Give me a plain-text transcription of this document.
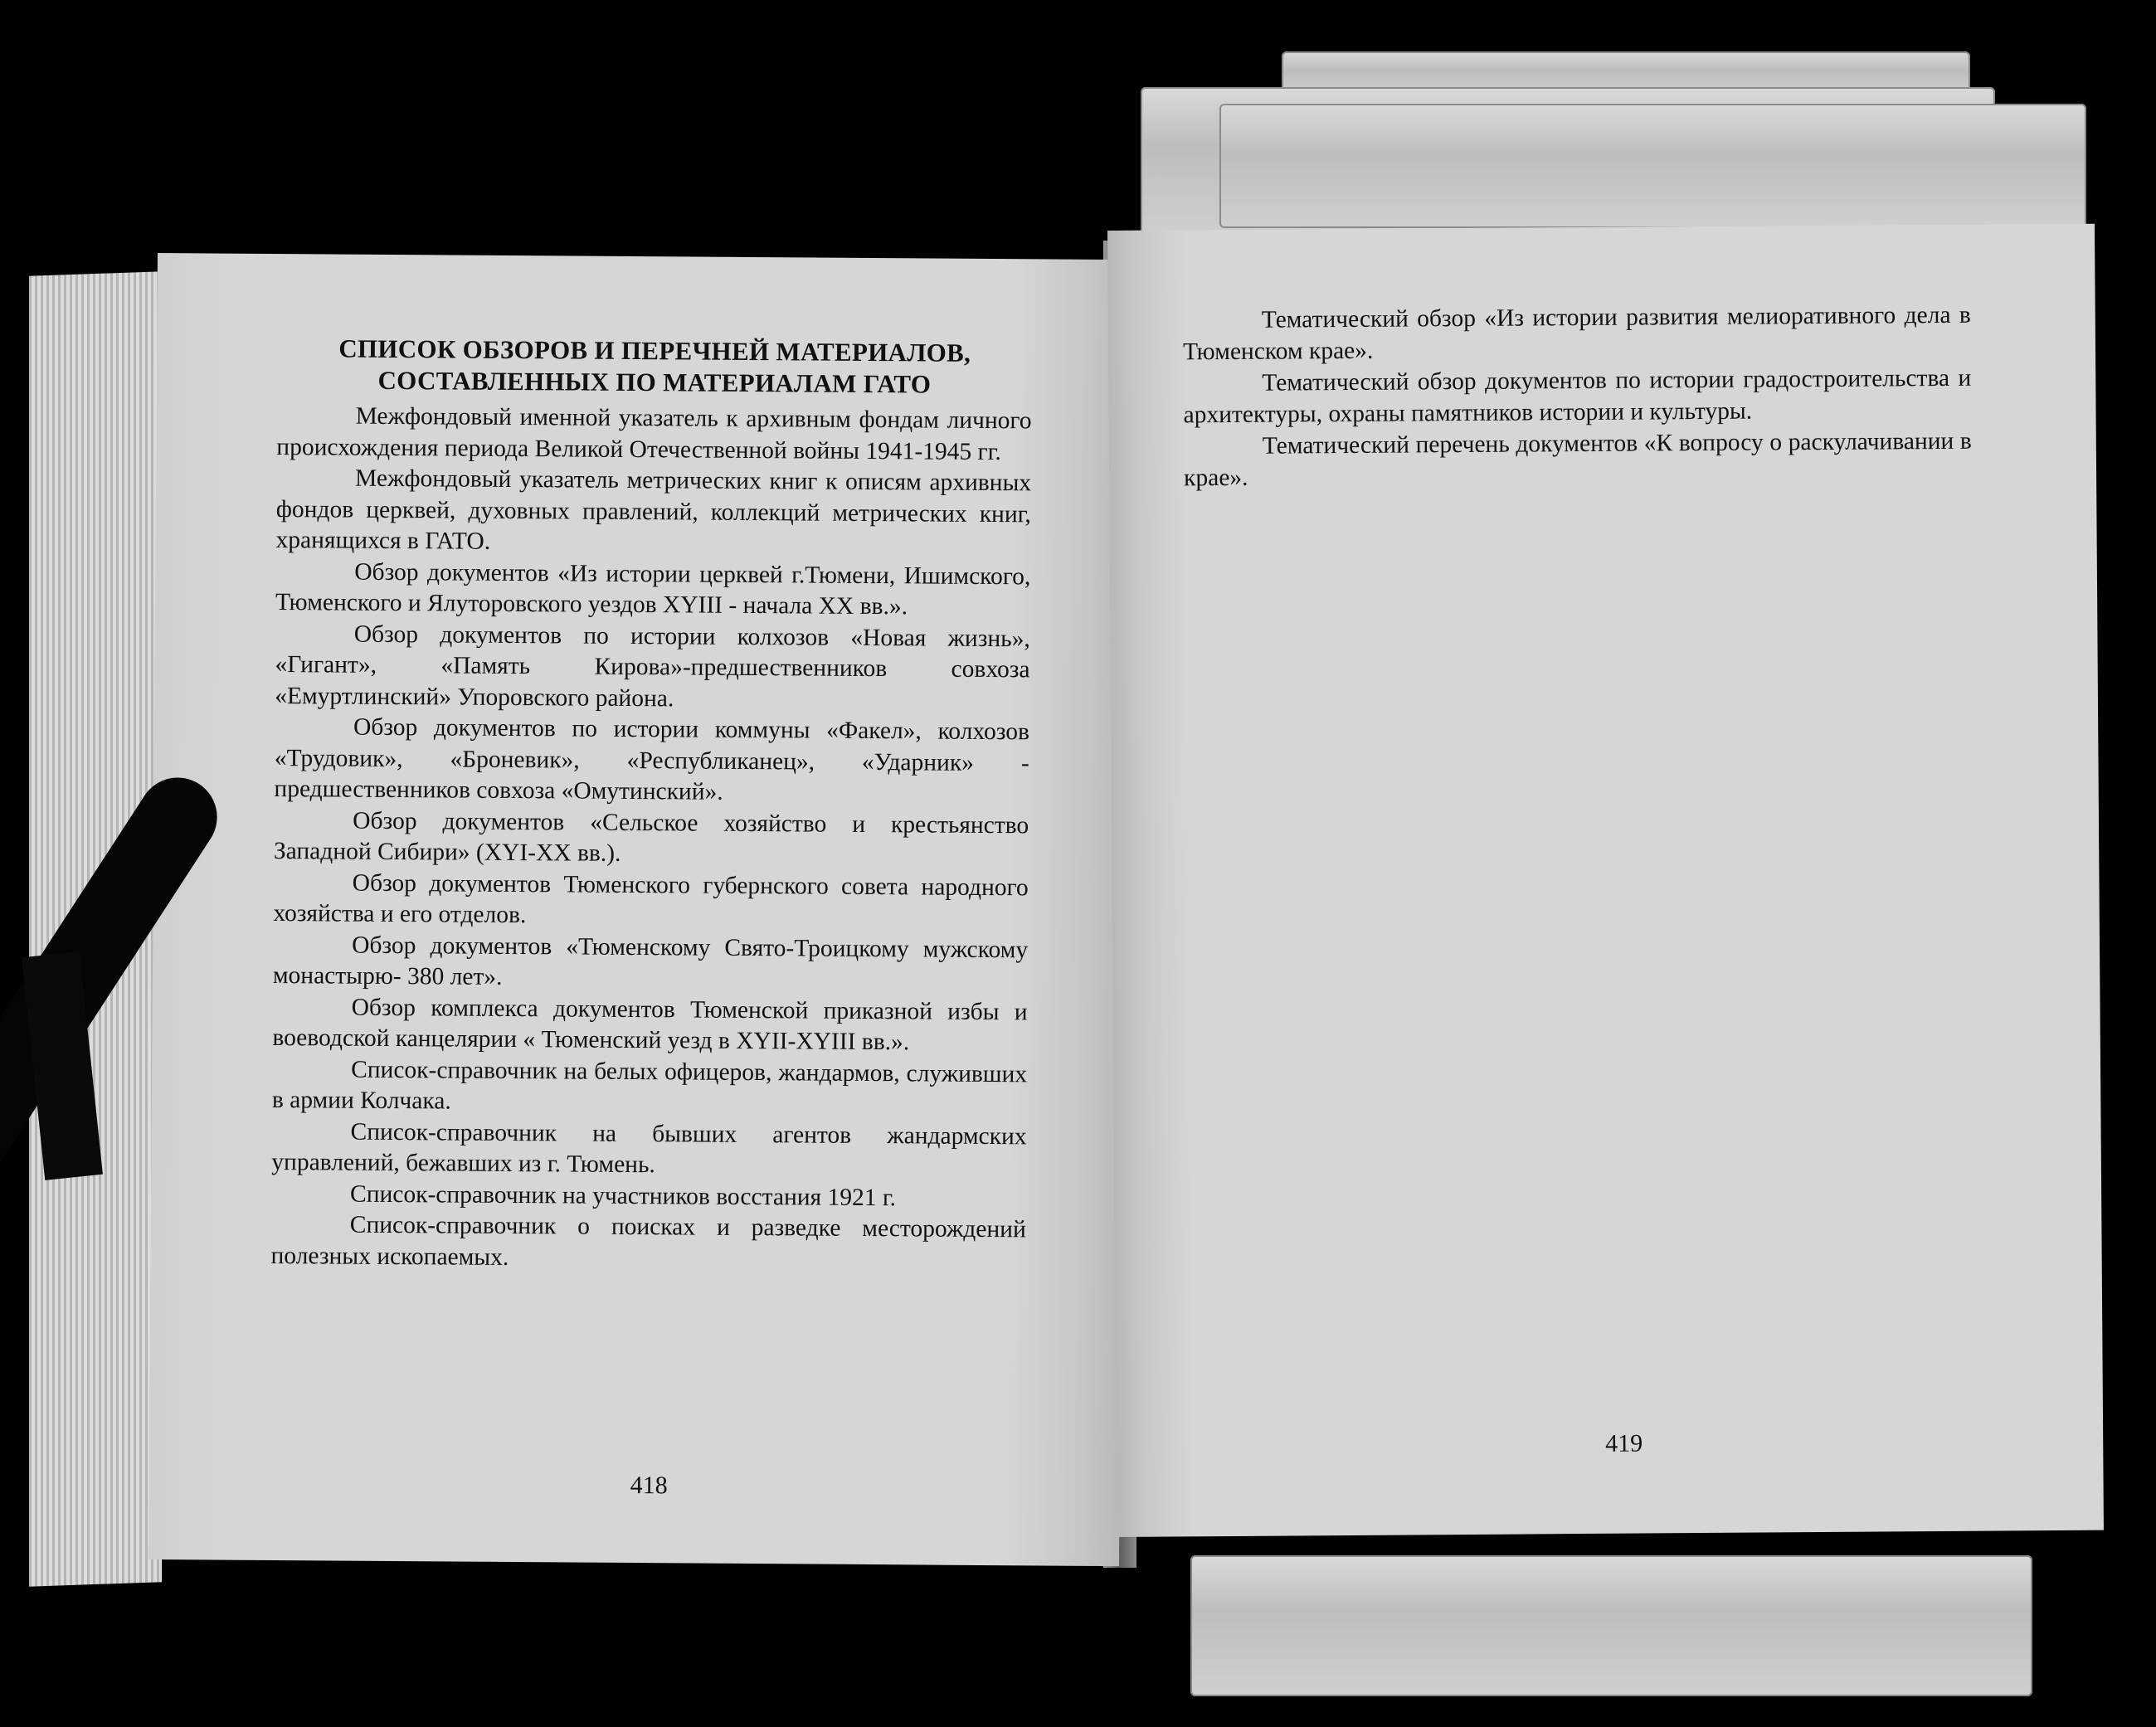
СПИСОК ОБЗОРОВ И ПЕРЕЧНЕЙ МАТЕРИАЛОВ,
СОСТАВЛЕННЫХ ПО МАТЕРИАЛАМ ГАТО

Межфондовый именной указатель к архивным фондам личного происхождения периода Великой Отечественной войны 1941-1945 гг.

Межфондовый указатель метрических книг к описям архивных фондов церквей, духовных правлений, коллекций метрических книг, хранящихся в ГАТО.

Обзор документов «Из истории церквей г.Тюмени, Ишимского, Тюменского и Ялуторовского уездов XYIII - начала XX вв.».

Обзор документов по истории колхозов «Новая жизнь», «Гигант», «Память Кирова»-предшественников совхоза «Емуртлинский» Упоровского района.

Обзор документов по истории коммуны «Факел», колхозов «Трудовик», «Броневик», «Республиканец», «Ударник» - предшественников совхоза «Омутинский».

Обзор документов «Сельское хозяйство и крестьянство Западной Сибири» (XYI-XX вв.).

Обзор документов Тюменского губернского совета народного хозяйства и его отделов.

Обзор документов «Тюменскому Свято-Троицкому мужскому монастырю- 380 лет».

Обзор комплекса документов Тюменской приказной избы и воеводской канцелярии « Тюменский уезд в XYII-XYIII вв.».

Список-справочник на белых офицеров, жандармов, служивших в армии Колчака.

Список-справочник на бывших агентов жандармских управлений, бежавших из г. Тюмень.

Список-справочник на участников восстания 1921 г.

Список-справочник о поисках и разведке месторождений полезных ископаемых.

418

Тематический обзор «Из истории развития мелиоративного дела в Тюменском крае».

Тематический обзор документов по истории градостроительства и архитектуры, охраны памятников истории и культуры.

Тематический перечень документов «К вопросу о раскулачивании в крае».

419
